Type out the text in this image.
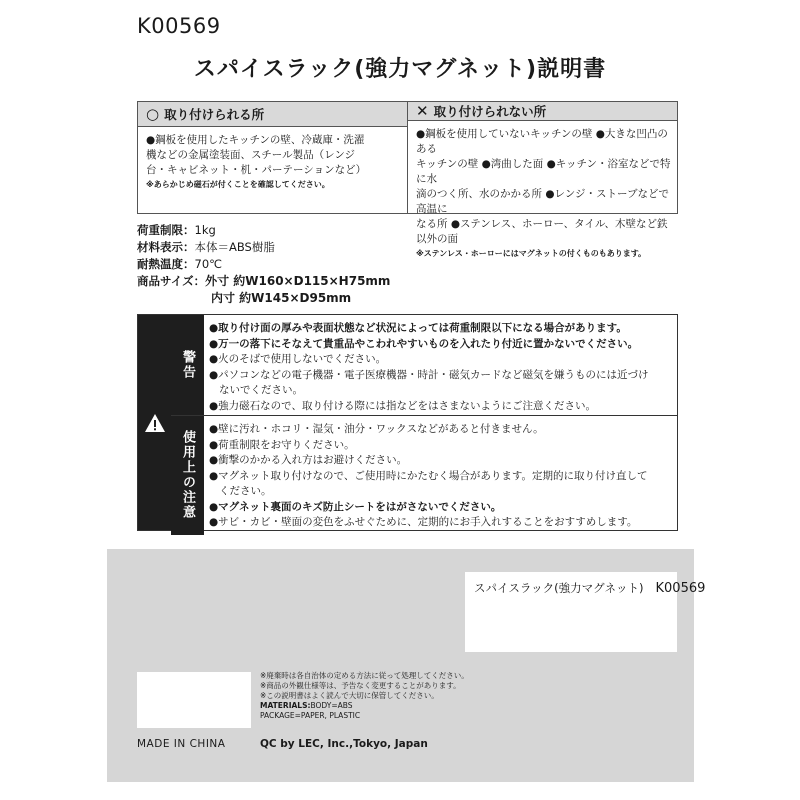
K00569
スパイスラック(強力マグネット)説明書
○ 取り付けられる所
●鋼板を使用したキッチンの壁、冷蔵庫・洗濯
機などの金属塗装面、スチール製品（レンジ
台・キャビネット・机・パーテーションなど）
※あらかじめ磁石が付くことを確認してください。
✕ 取り付けられない所
●鋼板を使用していないキッチンの壁 ●大きな凹凸のある
キッチンの壁 ●湾曲した面 ●キッチン・浴室などで特に水
滴のつく所、水のかかる所 ●レンジ・ストーブなどで高温に
なる所 ●ステンレス、ホーロー、タイル、木壁など鉄以外の面
※ステンレス・ホーローにはマグネットの付くものもあります。
荷重制限： 1kg
材料表示： 本体＝ABS樹脂
耐熱温度： 70℃
商品サイズ： 外寸 約W160×D115×H75mm
内寸 約W145×D95mm
警告
●取り付け面の厚みや表面状態など状況によっては荷重制限以下になる場合があります。
●万一の落下にそなえて貴重品やこわれやすいものを入れたり付近に置かないでください。
●火のそばで使用しないでください。
●パソコンなどの電子機器・電子医療機器・時計・磁気カードなど磁気を嫌うものには近づけ
ないでください。
●強力磁石なので、取り付ける際には指などをはさまないようにご注意ください。
使用上の注意
●壁に汚れ・ホコリ・湿気・油分・ワックスなどがあると付きません。
●荷重制限をお守りください。
●衝撃のかかる入れ方はお避けください。
●マグネット取り付けなので、ご使用時にかたむく場合があります。定期的に取り付け直して
ください。
●マグネット裏面のキズ防止シートをはがさないでください。
●サビ・カビ・壁面の変色をふせぐために、定期的にお手入れすることをおすすめします。
スパイスラック(強力マグネット) K00569
※廃棄時は各自治体の定める方法に従って処理してください。
※商品の外観仕様等は、予告なく変更することがあります。
※この説明書はよく読んで大切に保管してください。
MATERIALS:BODY=ABS
PACKAGE=PAPER, PLASTIC
MADE IN CHINA	QC by LEC, Inc.,Tokyo, Japan
